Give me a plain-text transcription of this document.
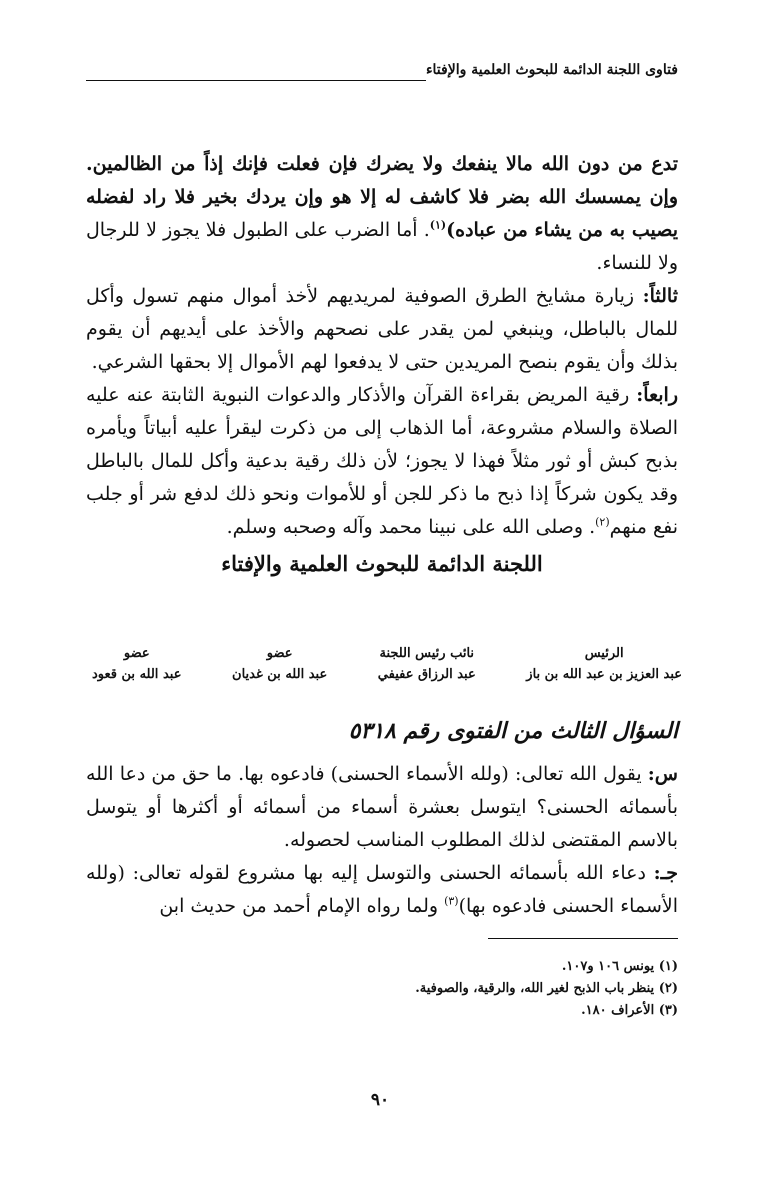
فتاوى اللجنة الدائمة للبحوث العلمية والإفتاء

تدع من دون الله مالا ينفعك ولا يضرك فإن فعلت فإنك إذاً من الظالمين. وإن يمسسك الله بضر فلا كاشف له إلا هو وإن يردك بخير فلا راد لفضله يصيب به من يشاء من عباده)$^{(١)}$. أما الضرب على الطبول فلا يجوز لا للرجال ولا للنساء.

ثالثاً: زيارة مشايخ الطرق الصوفية لمريديهم لأخذ أموال منهم تسول وأكل للمال بالباطل، وينبغي لمن يقدر على نصحهم والأخذ على أيديهم أن يقوم بذلك وأن يقوم بنصح المريدين حتى لا يدفعوا لهم الأموال إلا بحقها الشرعي.

رابعاً: رقية المريض بقراءة القرآن والأذكار والدعوات النبوية الثابتة عنه عليه الصلاة والسلام مشروعة، أما الذهاب إلى من ذكرت ليقرأ عليه أبياتاً ويأمره بذبح كبش أو ثور مثلاً فهذا لا يجوز؛ لأن ذلك رقية بدعية وأكل للمال بالباطل وقد يكون شركاً إذا ذبح ما ذكر للجن أو للأموات ونحو ذلك لدفع شر أو جلب نفع منهم$^{(٢)}$. وصلى الله على نبينا محمد وآله وصحبه وسلم.

اللجنة الدائمة للبحوث العلمية والإفتاء

الرئيس
عبد العزيز بن عبد الله بن باز
نائب رئيس اللجنة
عبد الرزاق عفيفي
عضو
عبد الله بن غديان
عضو
عبد الله بن قعود
السؤال الثالث من الفتوى رقم ٥٣١٨

س: يقول الله تعالى: (ولله الأسماء الحسنى) فادعوه بها. ما حق من دعا الله بأسمائه الحسنى؟ ايتوسل بعشرة أسماء من أسمائه أو أكثرها أو يتوسل بالاسم المقتضى لذلك المطلوب المناسب لحصوله.

جـ: دعاء الله بأسمائه الحسنى والتوسل إليه بها مشروع لقوله تعالى: (ولله الأسماء الحسنى فادعوه بها)$^{(٣)}$ ولما رواه الإمام أحمد من حديث ابن

(١) يونس ١٠٦ و١٠٧.
(٢) ينظر باب الذبح لغير الله، والرقية، والصوفية.
(٣) الأعراف ١٨٠.
٩٠
